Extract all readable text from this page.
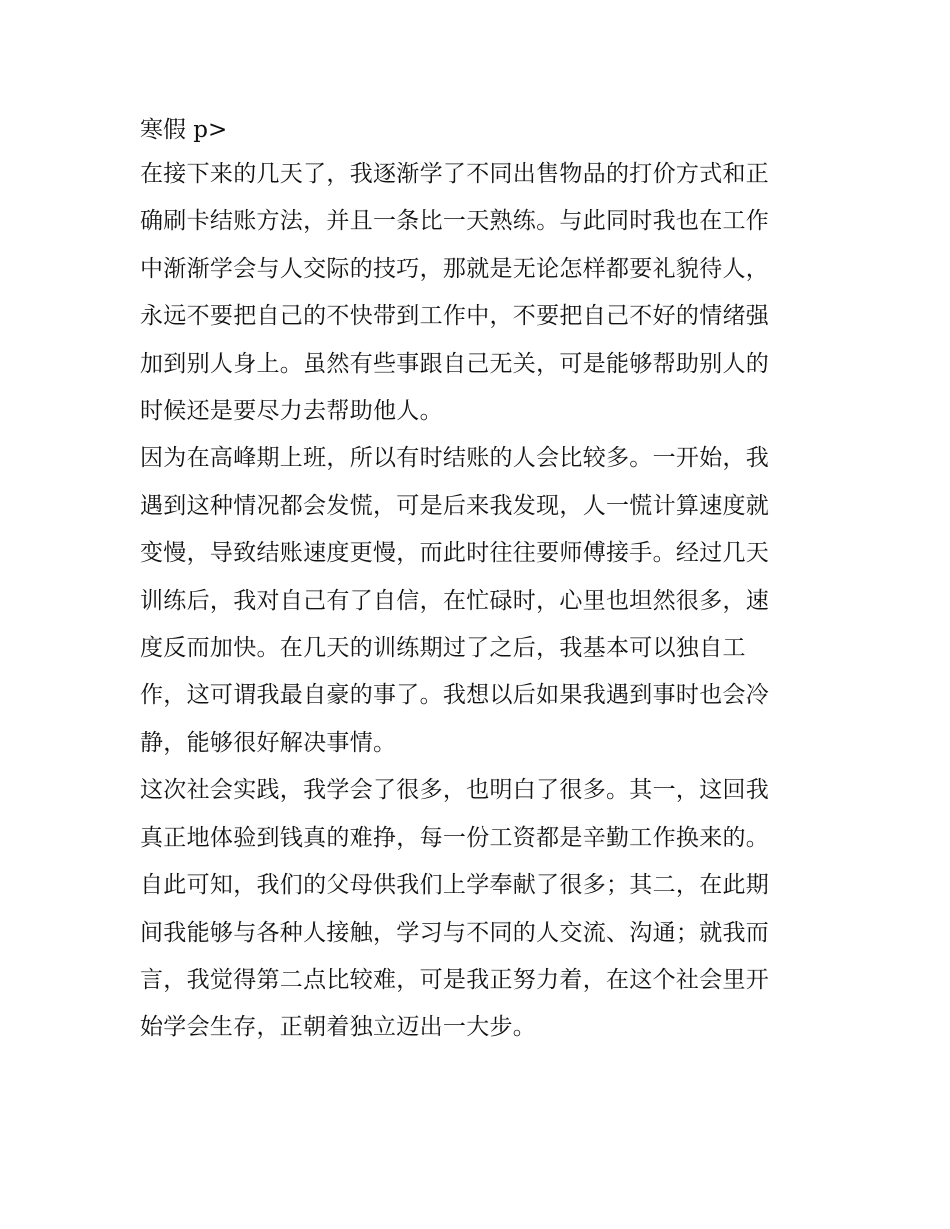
寒假 p>
在接下来的几天了，我逐渐学了不同出售物品的打价方式和正
确刷卡结账方法，并且一条比一天熟练。与此同时我也在工作
中渐渐学会与人交际的技巧，那就是无论怎样都要礼貌待人，
永远不要把自己的不快带到工作中，不要把自己不好的情绪强
加到别人身上。虽然有些事跟自己无关，可是能够帮助别人的
时候还是要尽力去帮助他人。
因为在高峰期上班，所以有时结账的人会比较多。一开始，我
遇到这种情况都会发慌，可是后来我发现，人一慌计算速度就
变慢，导致结账速度更慢，而此时往往要师傅接手。经过几天
训练后，我对自己有了自信，在忙碌时，心里也坦然很多，速
度反而加快。在几天的训练期过了之后，我基本可以独自工
作，这可谓我最自豪的事了。我想以后如果我遇到事时也会冷
静，能够很好解决事情。
这次社会实践，我学会了很多，也明白了很多。其一，这回我
真正地体验到钱真的难挣，每一份工资都是辛勤工作换来的。
自此可知，我们的父母供我们上学奉献了很多；其二，在此期
间我能够与各种人接触，学习与不同的人交流、沟通；就我而
言，我觉得第二点比较难，可是我正努力着，在这个社会里开
始学会生存，正朝着独立迈出一大步。
